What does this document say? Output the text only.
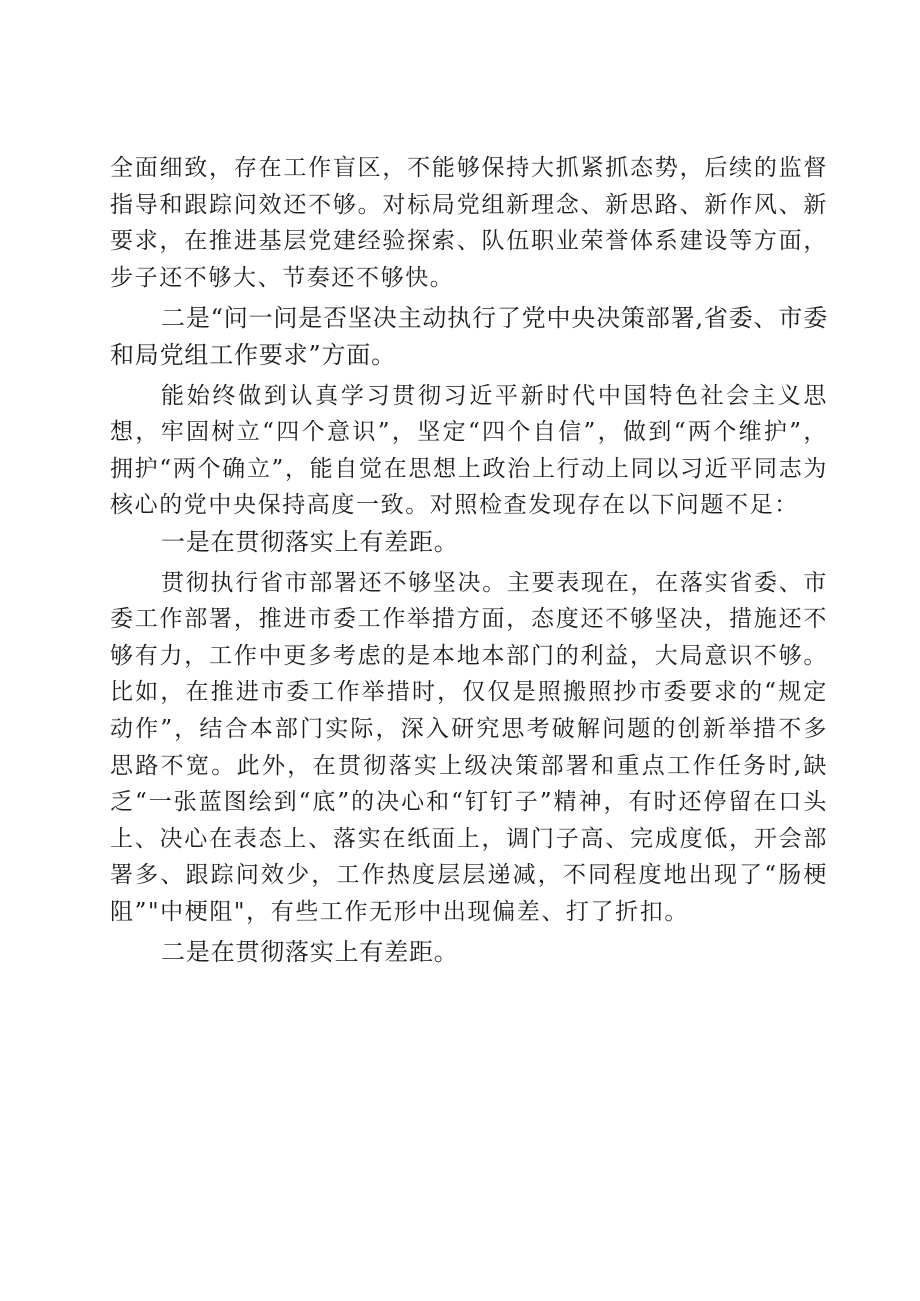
全面细致，存在工作盲区，不能够保持大抓紧抓态势，后续的监督指导和跟踪问效还不够。对标局党组新理念、新思路、新作风、新要求，在推进基层党建经验探索、队伍职业荣誉体系建设等方面，步子还不够大、节奏还不够快。

二是“问一问是否坚决主动执行了党中央决策部署,省委、市委和局党组工作要求”方面。

能始终做到认真学习贯彻习近平新时代中国特色社会主义思想，牢固树立“四个意识”，坚定“四个自信”，做到“两个维护”，拥护“两个确立”，能自觉在思想上政治上行动上同以习近平同志为核心的党中央保持高度一致。对照检查发现存在以下问题不足：

一是在贯彻落实上有差距。

贯彻执行省市部署还不够坚决。主要表现在，在落实省委、市委工作部署，推进市委工作举措方面，态度还不够坚决，措施还不够有力，工作中更多考虑的是本地本部门的利益，大局意识不够。比如，在推进市委工作举措时，仅仅是照搬照抄市委要求的“规定动作”，结合本部门实际，深入研究思考破解问题的创新举措不多思路不宽。此外，在贯彻落实上级决策部署和重点工作任务时,缺乏“一张蓝图绘到“底”的决心和“钉钉子”精神，有时还停留在口头上、决心在表态上、落实在纸面上，调门子高、完成度低，开会部署多、跟踪问效少，工作热度层层递减，不同程度地出现了“肠梗阻”"中梗阻"，有些工作无形中出现偏差、打了折扣。

二是在贯彻落实上有差距。
